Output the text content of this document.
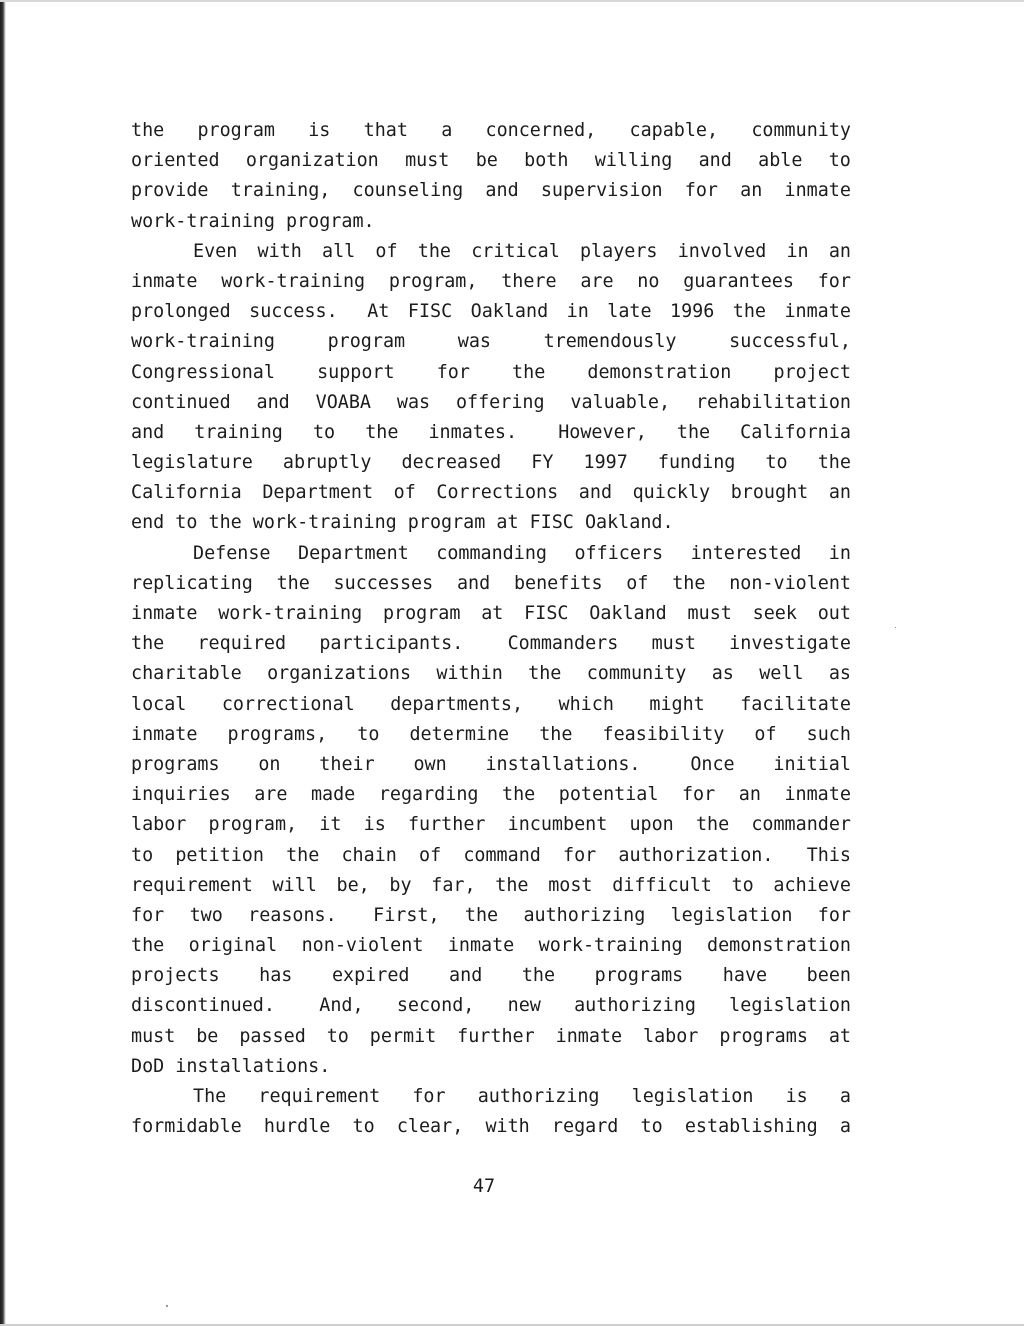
the program is that a concerned, capable, community
oriented organization must be both willing and able to
provide training, counseling and supervision for an inmate
work-training program.
Even with all of the critical players involved in an
inmate work-training program, there are no guarantees for
prolonged success. At FISC Oakland in late 1996 the inmate
work-training	program	was	tremendously	successful,
Congressional support for the demonstration project
continued and VOABA was offering valuable, rehabilitation
and training to the inmates. However, the California
legislature abruptly decreased FY 1997 funding to the
California Department of Corrections and quickly brought an
end to the work-training program at FISC Oakland.
Defense Department commanding officers interested in
replicating the successes and benefits of the non-violent
inmate work-training program at FISC Oakland must seek out
the required participants. Commanders must investigate
charitable organizations within the community as well as
local correctional departments, which might facilitate
inmate programs, to determine the feasibility of such
programs on their own installations. Once initial
inquiries are made regarding the potential for an inmate
labor program, it is further incumbent upon the commander
to petition the chain of command for authorization. This
requirement will be, by far, the most difficult to achieve
for two reasons. First, the authorizing legislation for
the original non-violent inmate work-training demonstration
projects has expired and the programs have been
discontinued. And, second, new authorizing legislation
must be passed to permit further inmate labor programs at
DoD installations.
The requirement for authorizing legislation is a
formidable hurdle to clear, with regard to establishing a
47
